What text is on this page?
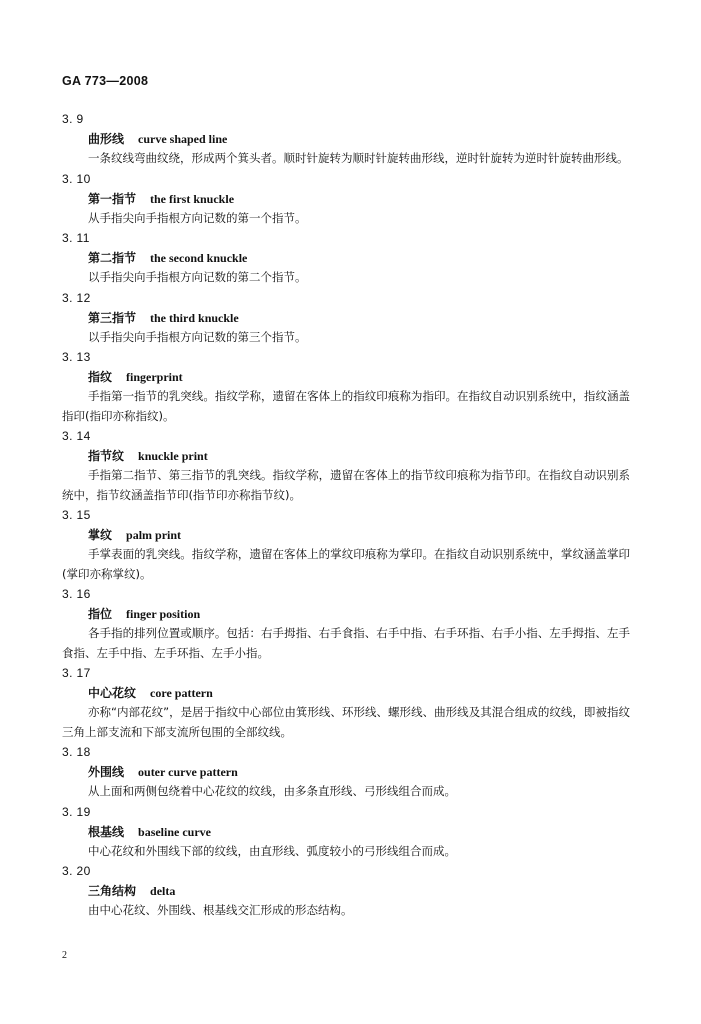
GA 773—2008
3. 9
曲形线 curve shaped line

一条纹线弯曲纹绕，形成两个箕头者。顺时针旋转为顺时针旋转曲形线，逆时针旋转为逆时针旋转曲形线。

3. 10
第一指节 the first knuckle

从手指尖向手指根方向记数的第一个指节。

3. 11
第二指节 the second knuckle

以手指尖向手指根方向记数的第二个指节。

3. 12
第三指节 the third knuckle

以手指尖向手指根方向记数的第三个指节。

3. 13
指纹 fingerprint

手指第一指节的乳突线。指纹学称，遗留在客体上的指纹印痕称为指印。在指纹自动识别系统中，指纹涵盖指印(指印亦称指纹)。

3. 14
指节纹 knuckle print

手指第二指节、第三指节的乳突线。指纹学称，遗留在客体上的指节纹印痕称为指节印。在指纹自动识别系统中，指节纹涵盖指节印(指节印亦称指节纹)。

3. 15
掌纹 palm print

手掌表面的乳突线。指纹学称，遗留在客体上的掌纹印痕称为掌印。在指纹自动识别系统中，掌纹涵盖掌印(掌印亦称掌纹)。

3. 16
指位 finger position

各手指的排列位置或顺序。包括：右手拇指、右手食指、右手中指、右手环指、右手小指、左手拇指、左手食指、左手中指、左手环指、左手小指。

3. 17
中心花纹 core pattern

亦称“内部花纹”，是居于指纹中心部位由箕形线、环形线、螺形线、曲形线及其混合组成的纹线，即被指纹三角上部支流和下部支流所包围的全部纹线。

3. 18
外围线 outer curve pattern

从上面和两侧包绕着中心花纹的纹线，由多条直形线、弓形线组合而成。

3. 19
根基线 baseline curve

中心花纹和外围线下部的纹线，由直形线、弧度较小的弓形线组合而成。

3. 20
三角结构 delta

由中心花纹、外围线、根基线交汇形成的形态结构。

2
